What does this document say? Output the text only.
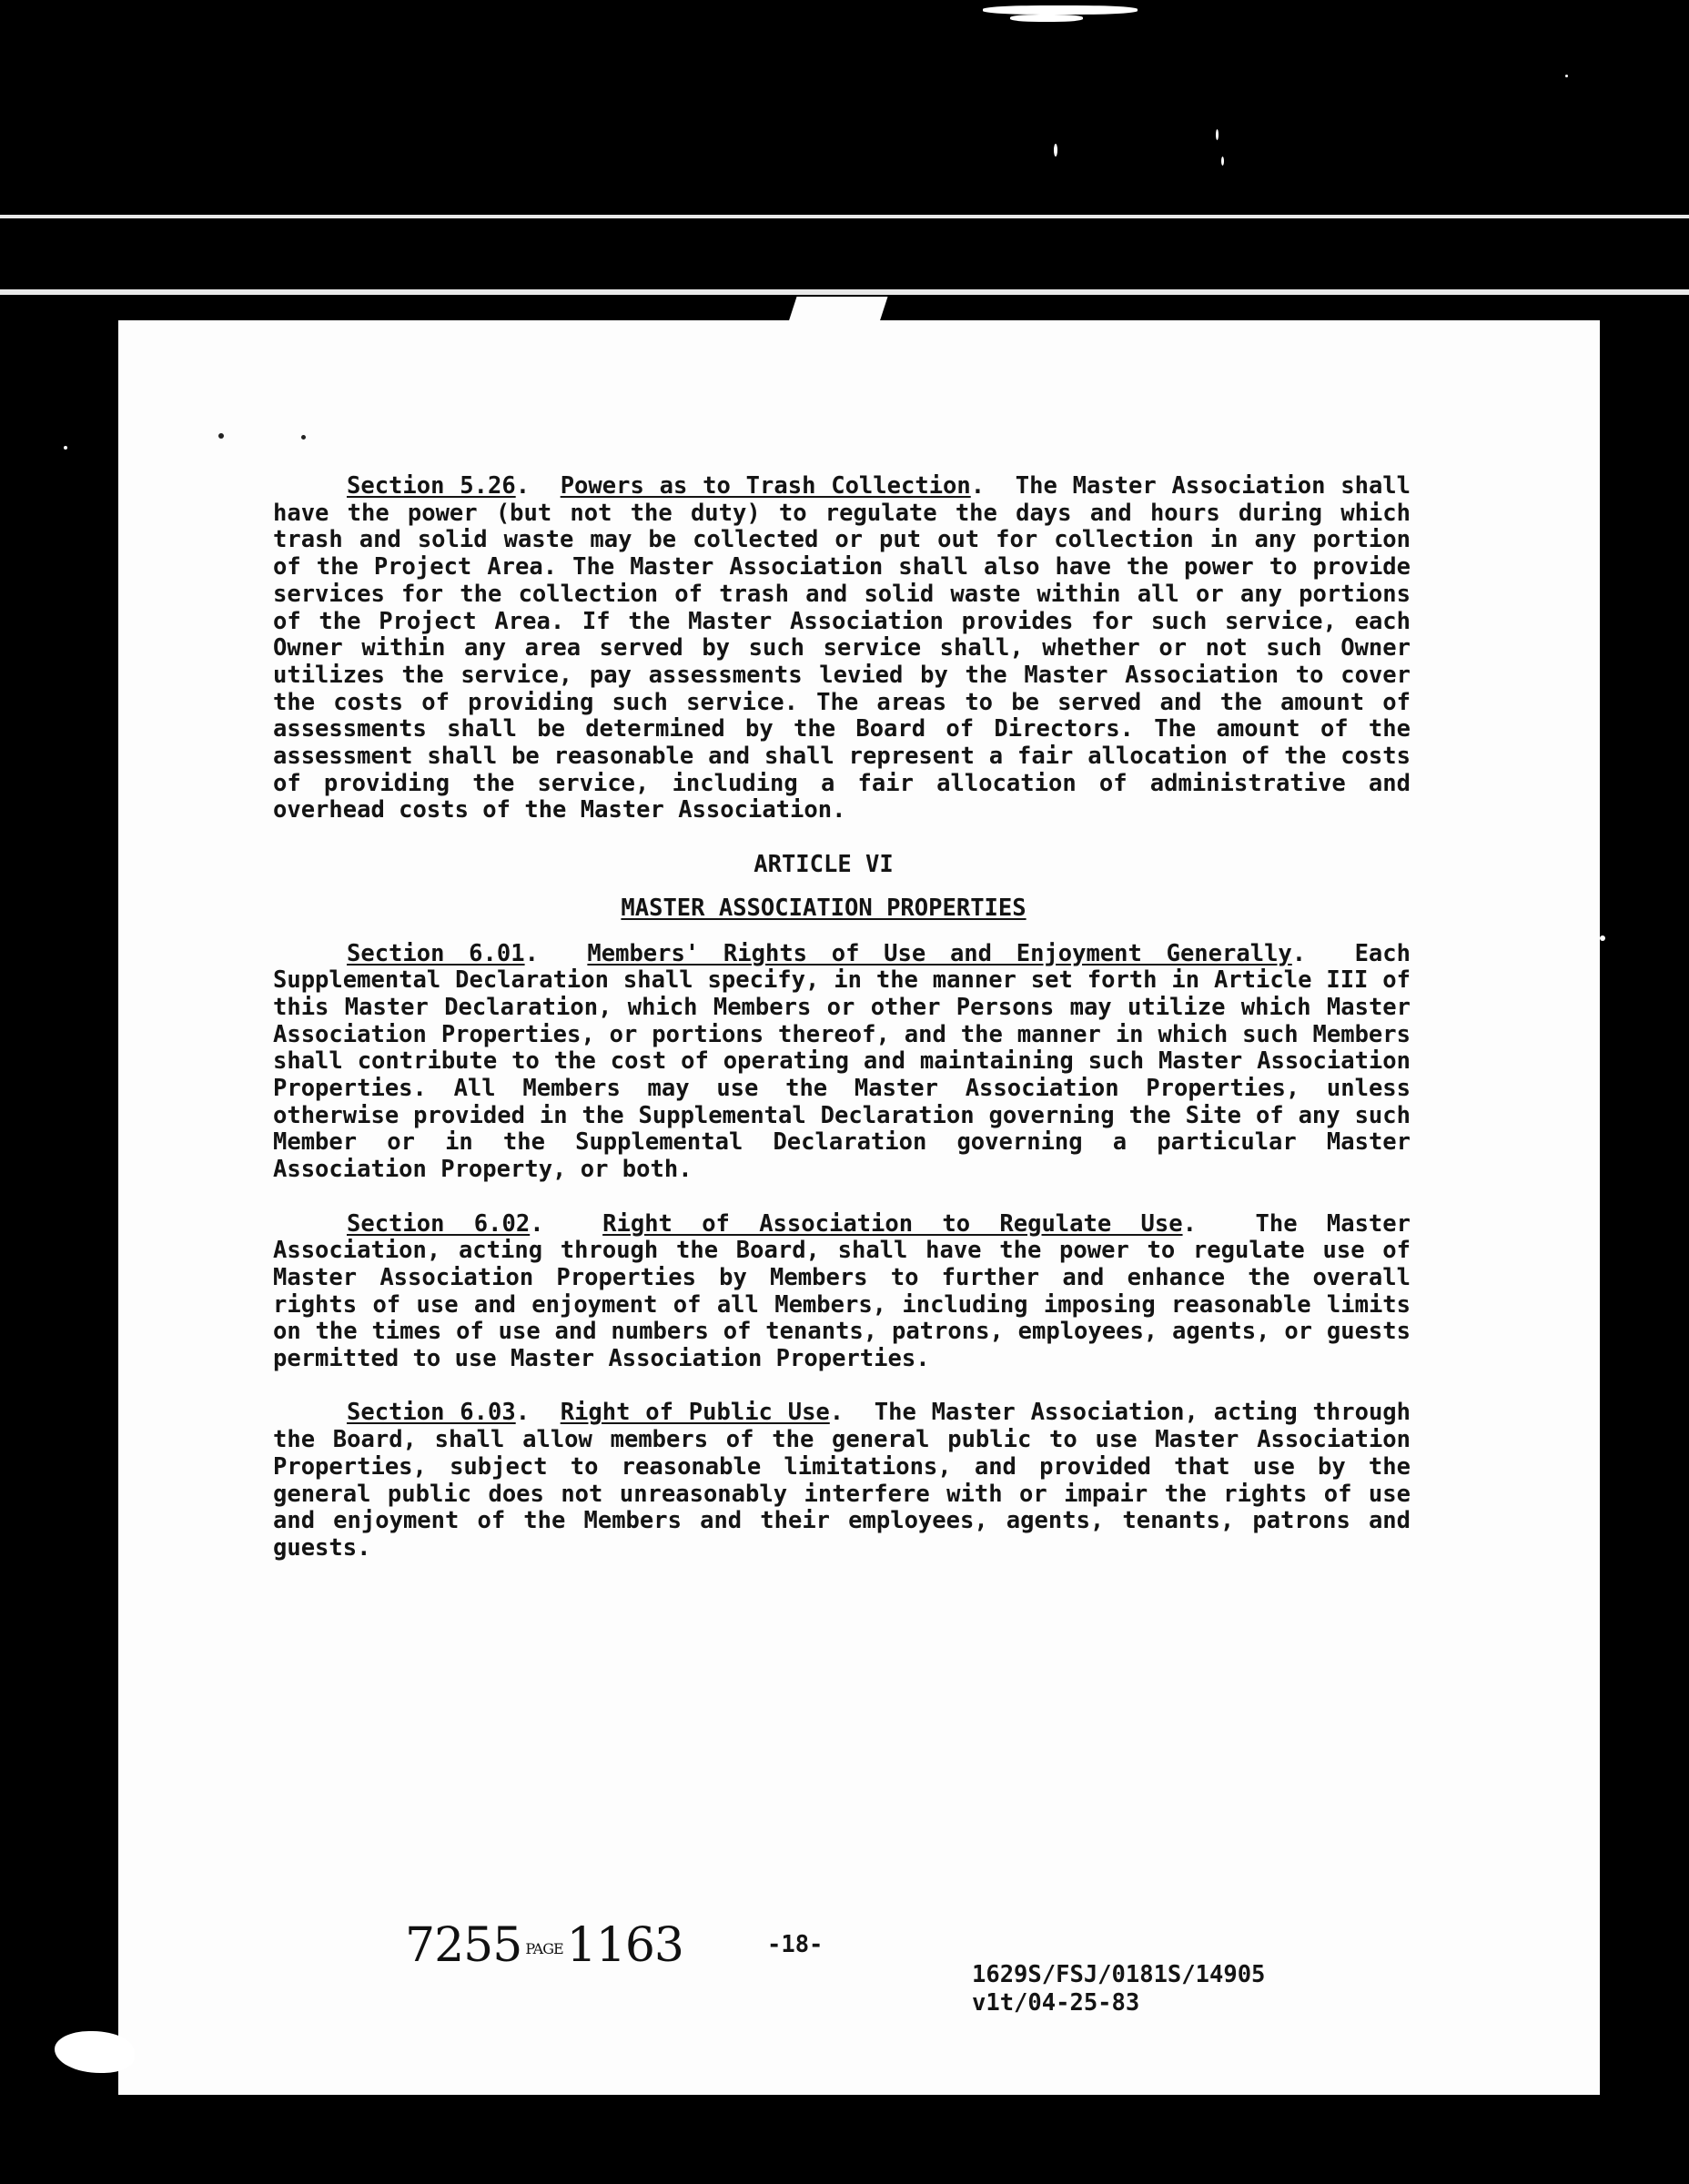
Section 5.26.  Powers as to Trash Collection.  The Master Association shall have the power (but not the duty) to regulate the days and hours during which trash and solid waste may be collected or put out for collection in any portion of the Project Area. The Master Association shall also have the power to provide services for the collection of trash and solid waste within all or any portions of the Project Area. If the Master Association provides for such service, each Owner within any area served by such service shall, whether or not such Owner utilizes the service, pay assessments levied by the Master Association to cover the costs of providing such service. The areas to be served and the amount of assessments shall be determined by the Board of Directors. The amount of the assessment shall be reasonable and shall represent a fair allocation of the costs of providing the service, including a fair allocation of administrative and overhead costs of the Master Association.

ARTICLE VI

MASTER ASSOCIATION PROPERTIES

Section 6.01.  Members' Rights of Use and Enjoyment Generally.  Each Supplemental Declaration shall specify, in the manner set forth in Article III of this Master Declaration, which Members or other Persons may utilize which Master Association Properties, or portions thereof, and the manner in which such Members shall contribute to the cost of operating and maintaining such Master Association Properties. All Members may use the Master Association Properties, unless otherwise provided in the Supplemental Declaration governing the Site of any such Member or in the Supplemental Declaration governing a particular Master Association Property, or both.

Section 6.02.  Right of Association to Regulate Use.  The Master Association, acting through the Board, shall have the power to regulate use of Master Association Properties by Members to further and enhance the overall rights of use and enjoyment of all Members, including imposing reasonable limits on the times of use and numbers of tenants, patrons, employees, agents, or guests permitted to use Master Association Properties.

Section 6.03.  Right of Public Use.  The Master Association, acting through the Board, shall allow members of the general public to use Master Association Properties, subject to reasonable limitations, and provided that use by the general public does not unreasonably interfere with or impair the rights of use and enjoyment of the Members and their employees, agents, tenants, patrons and guests.

7255 PAGE1163	-18-
1629S/FSJ/0181S/14905
v1t/04-25-83
